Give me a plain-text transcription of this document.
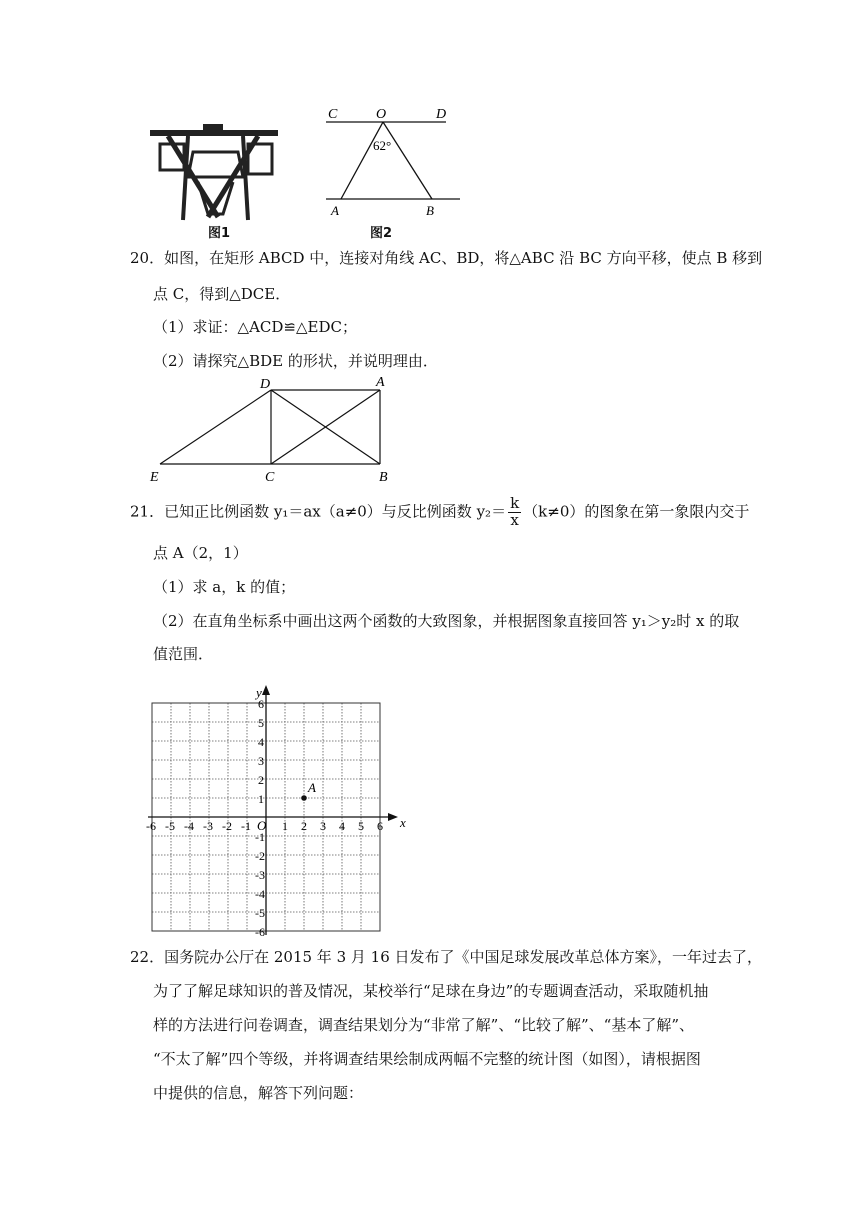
图1
C	O	D
62°
A	B
图2
20．如图，在矩形 ABCD 中，连接对角线 AC、BD，将△ABC 沿 BC 方向平移，使点 B 移到
点 C，得到△DCE．
（1）求证：△ACD≌△EDC；
（2）请探究△BDE 的形状，并说明理由．
D	A
E	C	B
21．已知正比例函数 y₁＝ax（a≠0）与反比例函数 $y_2= \frac{k}{x} (k\ne 0)$的图象在第一象限内交于
点 A（2，1）
（1）求 a，k 的值；
（2）在直角坐标系中画出这两个函数的大致图象，并根据图象直接回答 y₁＞y₂时 x 的取
值范围．
x
y
O
-6 -5 -4 -3 -2 -1	1 2 3 4 5 6
6
5
4
3
2
1
-1
-2
-3
-4
-5
-6
A
22．国务院办公厅在 2015 年 3 月 16 日发布了《中国足球发展改革总体方案》，一年过去了，
为了了解足球知识的普及情况，某校举行“足球在身边”的专题调查活动，采取随机抽
样的方法进行问卷调查，调查结果划分为“非常了解”、“比较了解”、“基本了解”、
“不太了解”四个等级，并将调查结果绘制成两幅不完整的统计图（如图），请根据图
中提供的信息，解答下列问题：
